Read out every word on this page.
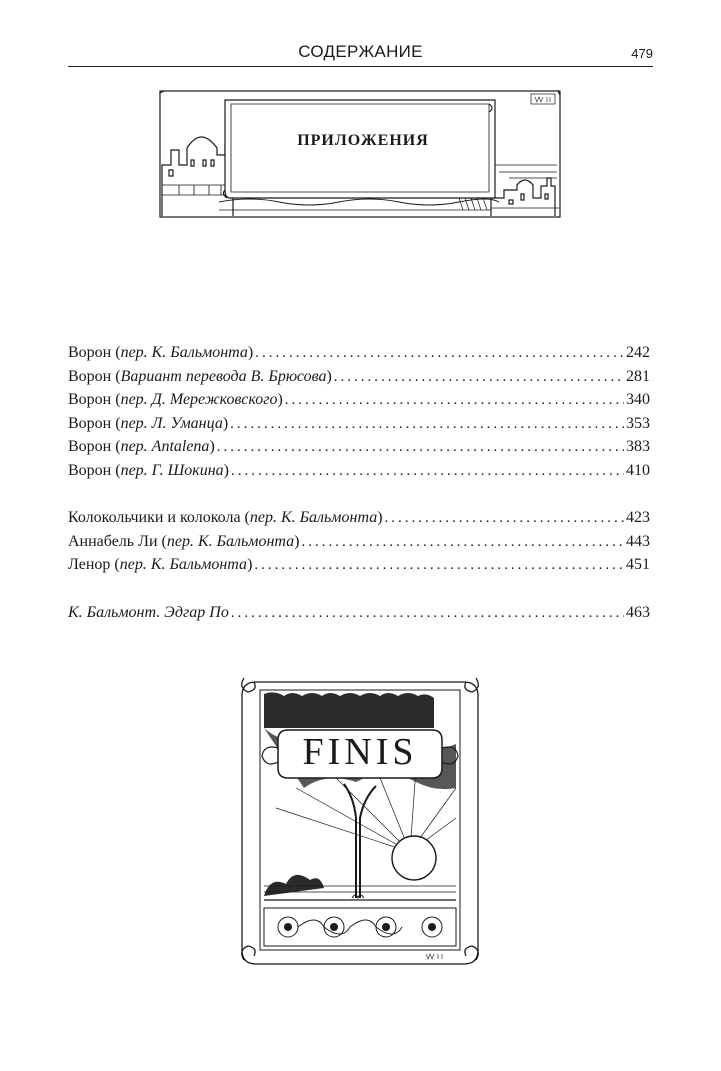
СОДЕРЖАНИЕ	479
ПРИЛОЖЕНИЯ
Ворон (пер. К. Бальмонта) .....	242
Ворон (Вариант перевода В. Брюсова) .....	281
Ворон (пер. Д. Мережковского) .....	340
Ворон (пер. Л. Уманца) .....	353
Ворон (пер. Antalena) .....	383
Ворон (пер. Г. Шокина) .....	410
Колокольчики и колокола (пер. К. Бальмонта) .....	423
Аннабель Ли (пер. К. Бальмонта) .....	443
Ленор (пер. К. Бальмонта) .....	451
К. Бальмонт. Эдгар По .....	463
FINIS
